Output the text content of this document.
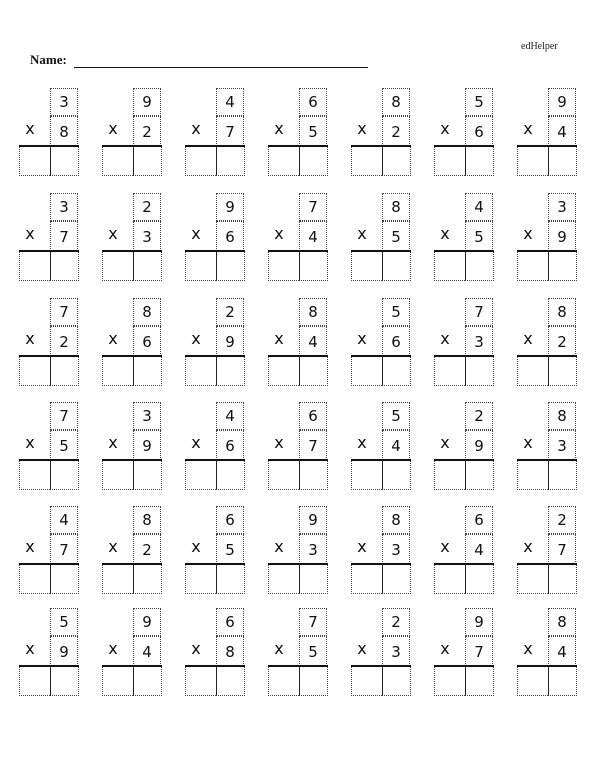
edHelper
Name:
3
x	8
9
x	2
4
x	7
6
x	5
8
x	2
5
x	6
9
x	4
3
x	7
2
x	3
9
x	6
7
x	4
8
x	5
4
x	5
3
x	9
7
x	2
8
x	6
2
x	9
8
x	4
5
x	6
7
x	3
8
x	2
7
x	5
3
x	9
4
x	6
6
x	7
5
x	4
2
x	9
8
x	3
4
x	7
8
x	2
6
x	5
9
x	3
8
x	3
6
x	4
2
x	7
5
x	9
9
x	4
6
x	8
7
x	5
2
x	3
9
x	7
8
x	4
